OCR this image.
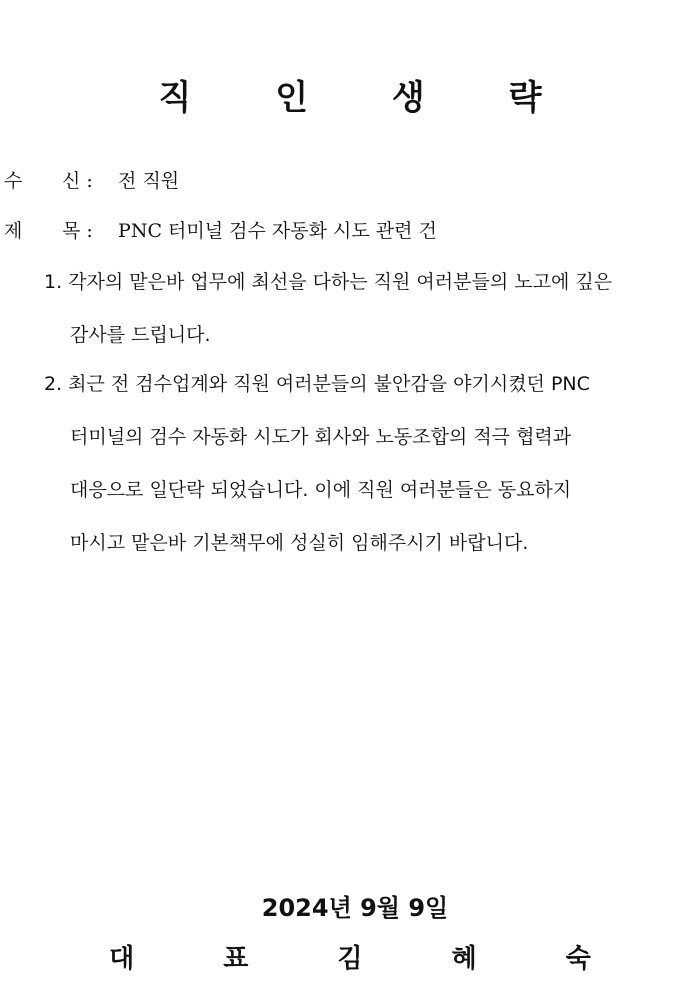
직 인 생 략
수 신 : 전 직원
제 목 : PNC 터미널 검수 자동화 시도 관련 건
1. 각자의 맡은바 업무에 최선을 다하는 직원 여러분들의 노고에 깊은
감사를 드립니다.
2. 최근 전 검수업계와 직원 여러분들의 불안감을 야기시켰던 PNC
터미널의 검수 자동화 시도가 회사와 노동조합의 적극 협력과
대응으로 일단락 되었습니다. 이에 직원 여러분들은 동요하지
마시고 맡은바 기본책무에 성실히 임해주시기 바랍니다.
2024년 9월 9일
대 표 김 혜 숙
